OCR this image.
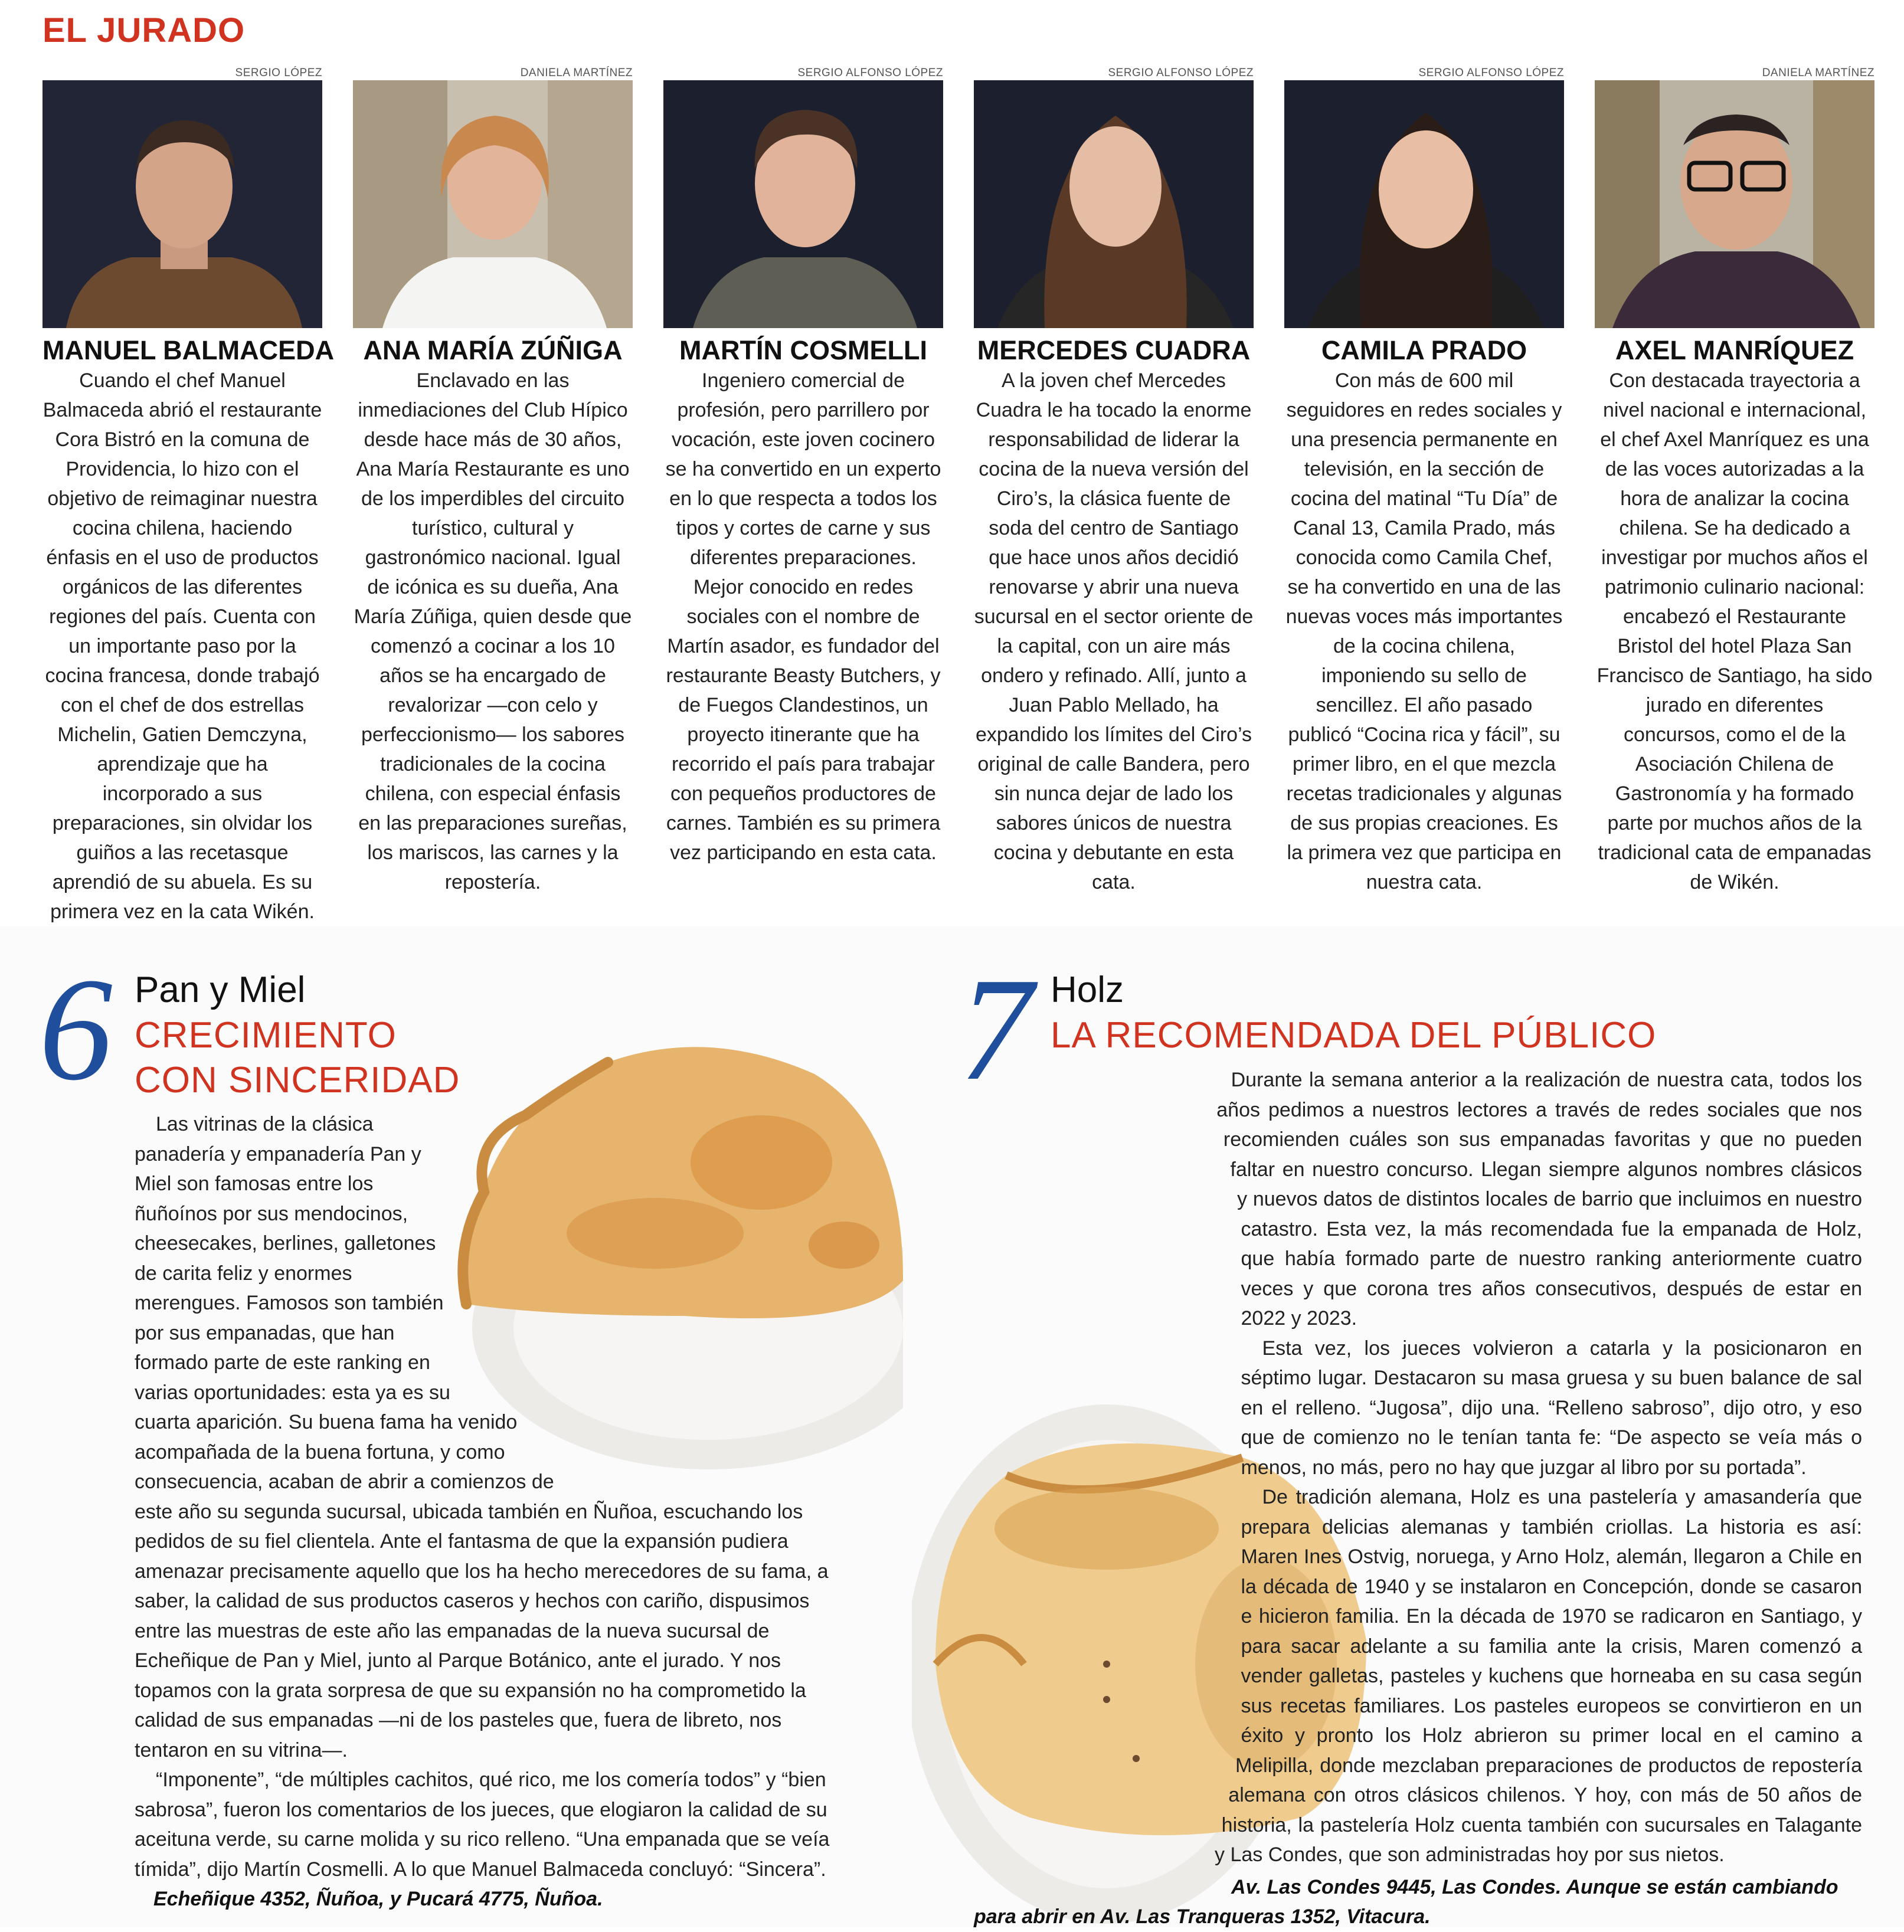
EL JURADO
SERGIO LÓPEZ
MANUEL BALMACEDA
Cuando el chef Manuel Balmaceda abrió el restaurante Cora Bistró en la comuna de Providencia, lo hizo con el objetivo de reimaginar nuestra cocina chilena, haciendo énfasis en el uso de productos orgánicos de las diferentes regiones del país. Cuenta con un importante paso por la cocina francesa, donde trabajó con el chef de dos estrellas Michelin, Gatien Demczyna, aprendizaje que ha incorporado a sus preparaciones, sin olvidar los guiños a las recetasque aprendió de su abuela. Es su primera vez en la cata Wikén.
DANIELA MARTÍNEZ
ANA MARÍA ZÚÑIGA
Enclavado en las inmediaciones del Club Hípico desde hace más de 30 años, Ana María Restaurante es uno de los imperdibles del circuito turístico, cultural y gastronómico nacional. Igual de icónica es su dueña, Ana María Zúñiga, quien desde que comenzó a cocinar a los 10 años se ha encargado de revalorizar —con celo y perfeccionismo— los sabores tradicionales de la cocina chilena, con especial énfasis en las preparaciones sureñas, los mariscos, las carnes y la repostería.
SERGIO ALFONSO LÓPEZ
MARTÍN COSMELLI
Ingeniero comercial de profesión, pero parrillero por vocación, este joven cocinero se ha convertido en un experto en lo que respecta a todos los tipos y cortes de carne y sus diferentes preparaciones. Mejor conocido en redes sociales con el nombre de Martín asador, es fundador del restaurante Beasty Butchers, y de Fuegos Clandestinos, un proyecto itinerante que ha recorrido el país para trabajar con pequeños productores de carnes. También es su primera vez participando en esta cata.
SERGIO ALFONSO LÓPEZ
MERCEDES CUADRA
A la joven chef Mercedes Cuadra le ha tocado la enorme responsabilidad de liderar la cocina de la nueva versión del Ciro’s, la clásica fuente de soda del centro de Santiago que hace unos años decidió renovarse y abrir una nueva sucursal en el sector oriente de la capital, con un aire más ondero y refinado. Allí, junto a Juan Pablo Mellado, ha expandido los límites del Ciro’s original de calle Bandera, pero sin nunca dejar de lado los sabores únicos de nuestra cocina y debutante en esta cata.
SERGIO ALFONSO LÓPEZ
CAMILA PRADO
Con más de 600 mil seguidores en redes sociales y una presencia permanente en televisión, en la sección de cocina del matinal “Tu Día” de Canal 13, Camila Prado, más conocida como Camila Chef, se ha convertido en una de las nuevas voces más importantes de la cocina chilena, imponiendo su sello de sencillez. El año pasado publicó “Cocina rica y fácil”, su primer libro, en el que mezcla recetas tradicionales y algunas de sus propias creaciones. Es la primera vez que participa en nuestra cata.
DANIELA MARTÍNEZ
AXEL MANRÍQUEZ
Con destacada trayectoria a nivel nacional e internacional, el chef Axel Manríquez es una de las voces autorizadas a la hora de analizar la cocina chilena. Se ha dedicado a investigar por muchos años el patrimonio culinario nacional: encabezó el Restaurante Bristol del hotel Plaza San Francisco de Santiago, ha sido jurado en diferentes concursos, como el de la Asociación Chilena de Gastronomía y ha formado parte por muchos años de la tradicional cata de empanadas de Wikén.
6 Pan y Miel
CRECIMIENTO
CON SINCERIDAD

Las vitrinas de la clásica panadería y empanadería Pan y Miel son famosas entre los ñuñoínos por sus mendocinos, cheesecakes, berlines, galletones de carita feliz y enormes merengues. Famosos son también por sus empanadas, que han formado parte de este ranking en varias oportunidades: esta ya es su cuarta aparición. Su buena fama ha venido acompañada de la buena fortuna, y como consecuencia, acaban de abrir a comienzos de este año su segunda sucursal, ubicada también en Ñuñoa, escuchando los pedidos de su fiel clientela. Ante el fantasma de que la expansión pudiera amenazar precisamente aquello que los ha hecho merecedores de su fama, a saber, la calidad de sus productos caseros y hechos con cariño, dispusimos entre las muestras de este año las empanadas de la nueva sucursal de Echeñique de Pan y Miel, junto al Parque Botánico, ante el jurado. Y nos topamos con la grata sorpresa de que su expansión no ha comprometido la calidad de sus empanadas —ni de los pasteles que, fuera de libreto, nos tentaron en su vitrina—.

“Imponente”, “de múltiples cachitos, qué rico, me los comería todos” y “bien sabrosa”, fueron los comentarios de los jueces, que elogiaron la calidad de su aceituna verde, su carne molida y su rico relleno. “Una empanada que se veía tímida”, dijo Martín Cosmelli. A lo que Manuel Balmaceda concluyó: “Sincera”.

Echeñique 4352, Ñuñoa, y Pucará 4775, Ñuñoa.
7 Holz
LA RECOMENDADA DEL PÚBLICO

Durante la semana anterior a la realización de nuestra cata, todos los años pedimos a nuestros lectores a través de redes sociales que nos recomienden cuáles son sus empanadas favoritas y que no pueden faltar en nuestro concurso. Llegan siempre algunos nombres clásicos y nuevos datos de distintos locales de barrio que incluimos en nuestro catastro. Esta vez, la más recomendada fue la empanada de Holz, que había formado parte de nuestro ranking anteriormente cuatro veces y que corona tres años consecutivos, después de estar en 2022 y 2023.

Esta vez, los jueces volvieron a catarla y la posicionaron en séptimo lugar. Destacaron su masa gruesa y su buen balance de sal en el relleno. “Jugosa”, dijo una. “Relleno sabroso”, dijo otro, y eso que de comienzo no le tenían tanta fe: “De aspecto se veía más o menos, no más, pero no hay que juzgar al libro por su portada”.

De tradición alemana, Holz es una pastelería y amasandería que prepara delicias alemanas y también criollas. La historia es así: Maren Ines Ostvig, noruega, y Arno Holz, alemán, llegaron a Chile en la década de 1940 y se instalaron en Concepción, donde se casaron e hicieron familia. En la década de 1970 se radicaron en Santiago, y para sacar adelante a su familia ante la crisis, Maren comenzó a vender galletas, pasteles y kuchens que horneaba en su casa según sus recetas familiares. Los pasteles europeos se convirtieron en un éxito y pronto los Holz abrieron su primer local en el camino a Melipilla, donde mezclaban preparaciones de productos de repostería alemana con otros clásicos chilenos. Y hoy, con más de 50 años de historia, la pastelería Holz cuenta también con sucursales en Talagante y Las Condes, que son administradas hoy por sus nietos.

Av. Las Condes 9445, Las Condes. Aunque se están cambiando
para abrir en Av. Las Tranqueras 1352, Vitacura.
